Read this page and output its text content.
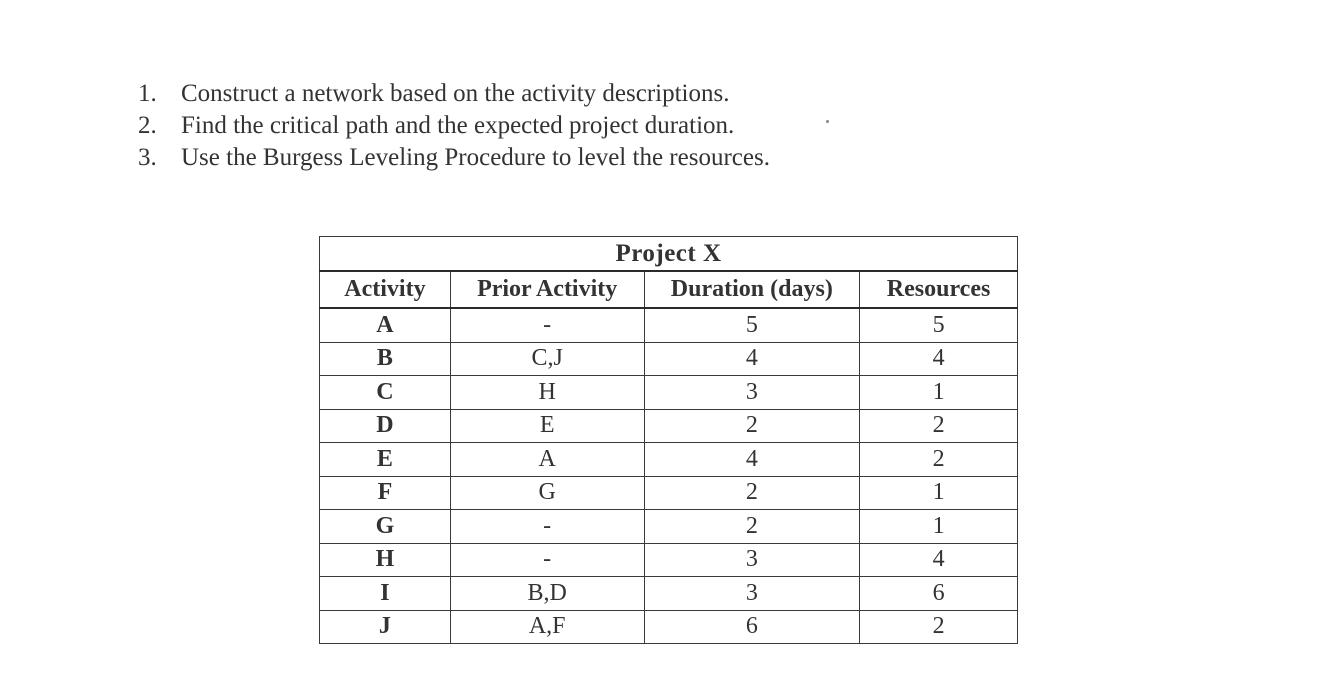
1. Construct a network based on the activity descriptions.
2. Find the critical path and the expected project duration.
3. Use the Burgess Leveling Procedure to level the resources.
Project X			
Activity	Prior Activity	Duration (days)	Resources
A	-	5	5
B	C,J	4	4
C	H	3	1
D	E	2	2
E	A	4	2
F	G	2	1
G	-	2	1
H	-	3	4
I	B,D	3	6
J	A,F	6	2
